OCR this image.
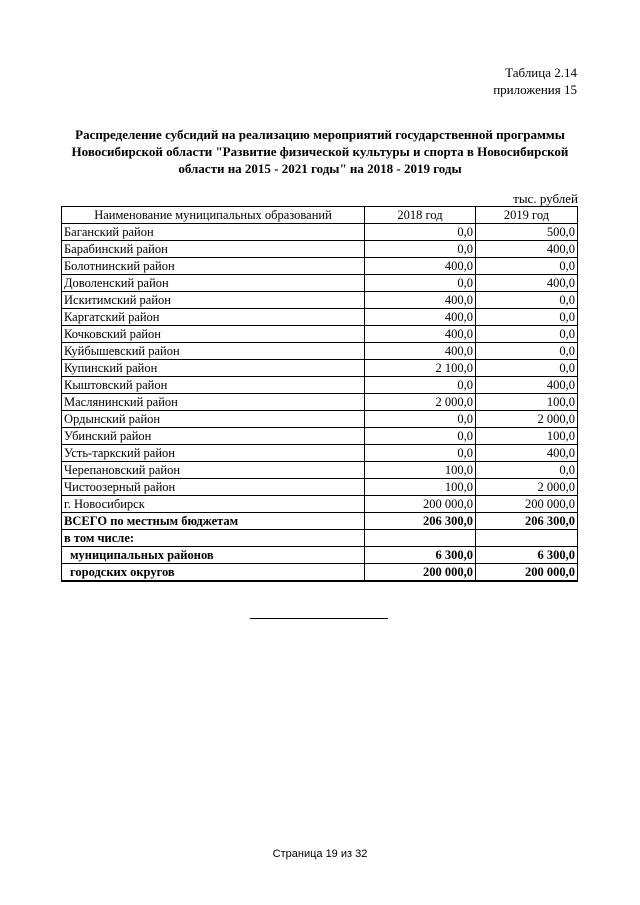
Таблица 2.14
приложения 15
Распределение субсидий на реализацию мероприятий государственной программы
Новосибирской области "Развитие физической культуры и спорта в Новосибирской
области на 2015 - 2021 годы" на 2018 - 2019 годы
тыс. рублей
Наименование муниципальных образований	2018 год	2019 год
Баганский район	0,0	500,0
Барабинский район	0,0	400,0
Болотнинский район	400,0	0,0
Доволенский район	0,0	400,0
Искитимский район	400,0	0,0
Каргатский район	400,0	0,0
Кочковский район	400,0	0,0
Куйбышевский район	400,0	0,0
Купинский район	2 100,0	0,0
Кыштовский район	0,0	400,0
Маслянинский район	2 000,0	100,0
Ордынский район	0,0	2 000,0
Убинский район	0,0	100,0
Усть-таркский район	0,0	400,0
Черепановский район	100,0	0,0
Чистоозерный район	100,0	2 000,0
г. Новосибирск	200 000,0	200 000,0
ВСЕГО по местным бюджетам	206 300,0	206 300,0
в том числе:		
муниципальных районов	6 300,0	6 300,0
городских округов	200 000,0	200 000,0
Страница 19 из 32
